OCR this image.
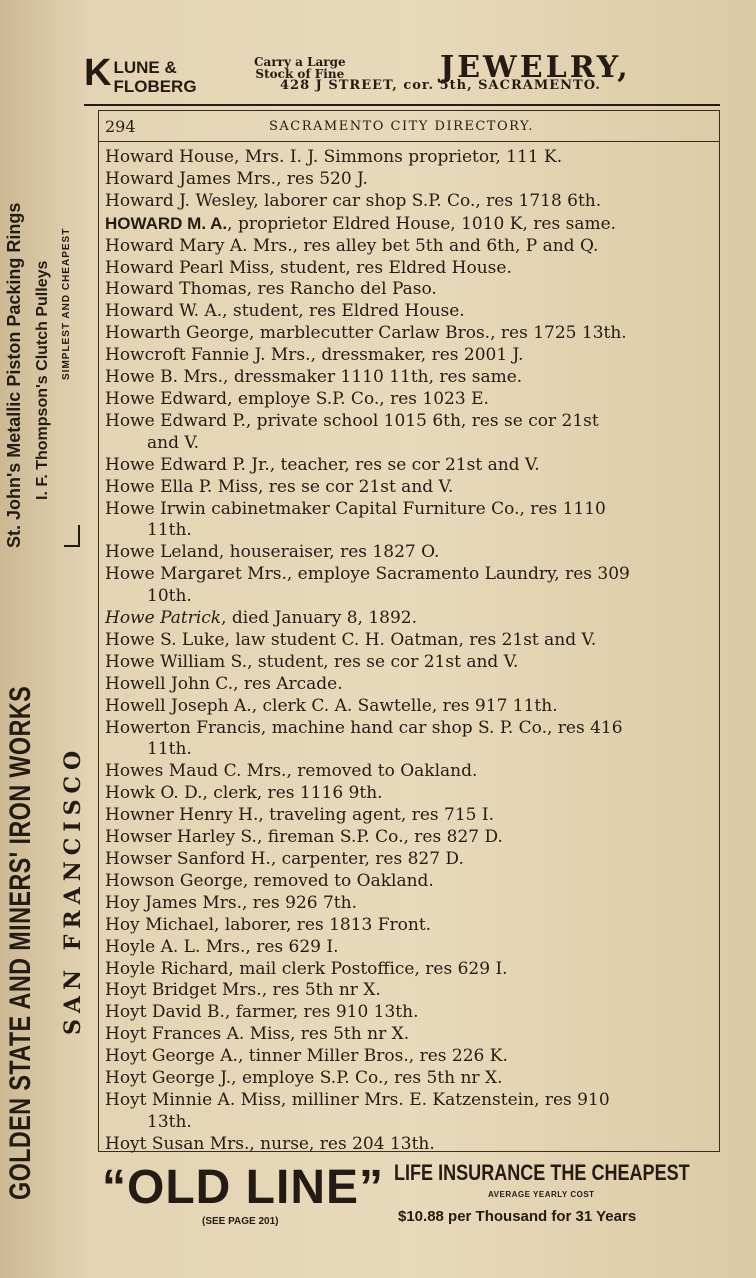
GOLDEN STATE AND MINERS' IRON WORKS
St. John's Metallic Piston Packing Rings I. F. Thompson's Clutch Pulleys SIMPLEST AND CHEAPEST
SAN FRANCISCO
K LUNE &
FLOBERG
Carry a Large
Stock of Fine	JEWELRY,
428 J STREET, cor. 5th, SACRAMENTO.
294	SACRAMENTO CITY DIRECTORY.
Howard House, Mrs. I. J. Simmons proprietor, 111 K.
Howard James Mrs., res 520 J.
Howard J. Wesley, laborer car shop S.P. Co., res 1718 6th.
HOWARD M. A., proprietor Eldred House, 1010 K, res same.
Howard Mary A. Mrs., res alley bet 5th and 6th, P and Q.
Howard Pearl Miss, student, res Eldred House.
Howard Thomas, res Rancho del Paso.
Howard W. A., student, res Eldred House.
Howarth George, marblecutter Carlaw Bros., res 1725 13th.
Howcroft Fannie J. Mrs., dressmaker, res 2001 J.
Howe B. Mrs., dressmaker 1110 11th, res same.
Howe Edward, employe S.P. Co., res 1023 E.
Howe Edward P., private school 1015 6th, res se cor 21st
and V.
Howe Edward P. Jr., teacher, res se cor 21st and V.
Howe Ella P. Miss, res se cor 21st and V.
Howe Irwin cabinetmaker Capital Furniture Co., res 1110
11th.
Howe Leland, houseraiser, res 1827 O.
Howe Margaret Mrs., employe Sacramento Laundry, res 309
10th.
Howe Patrick, died January 8, 1892.
Howe S. Luke, law student C. H. Oatman, res 21st and V.
Howe William S., student, res se cor 21st and V.
Howell John C., res Arcade.
Howell Joseph A., clerk C. A. Sawtelle, res 917 11th.
Howerton Francis, machine hand car shop S. P. Co., res 416
11th.
Howes Maud C. Mrs., removed to Oakland.
Howk O. D., clerk, res 1116 9th.
Howner Henry H., traveling agent, res 715 I.
Howser Harley S., fireman S.P. Co., res 827 D.
Howser Sanford H., carpenter, res 827 D.
Howson George, removed to Oakland.
Hoy James Mrs., res 926 7th.
Hoy Michael, laborer, res 1813 Front.
Hoyle A. L. Mrs., res 629 I.
Hoyle Richard, mail clerk Postoffice, res 629 I.
Hoyt Bridget Mrs., res 5th nr X.
Hoyt David B., farmer, res 910 13th.
Hoyt Frances A. Miss, res 5th nr X.
Hoyt George A., tinner Miller Bros., res 226 K.
Hoyt George J., employe S.P. Co., res 5th nr X.
Hoyt Minnie A. Miss, milliner Mrs. E. Katzenstein, res 910
13th.
Hoyt Susan Mrs., nurse, res 204 13th.
“OLD LINE”
(SEE PAGE 201)
LIFE INSURANCE THE CHEAPEST
AVERAGE YEARLY COST
$10.88 per Thousand for 31 Years
